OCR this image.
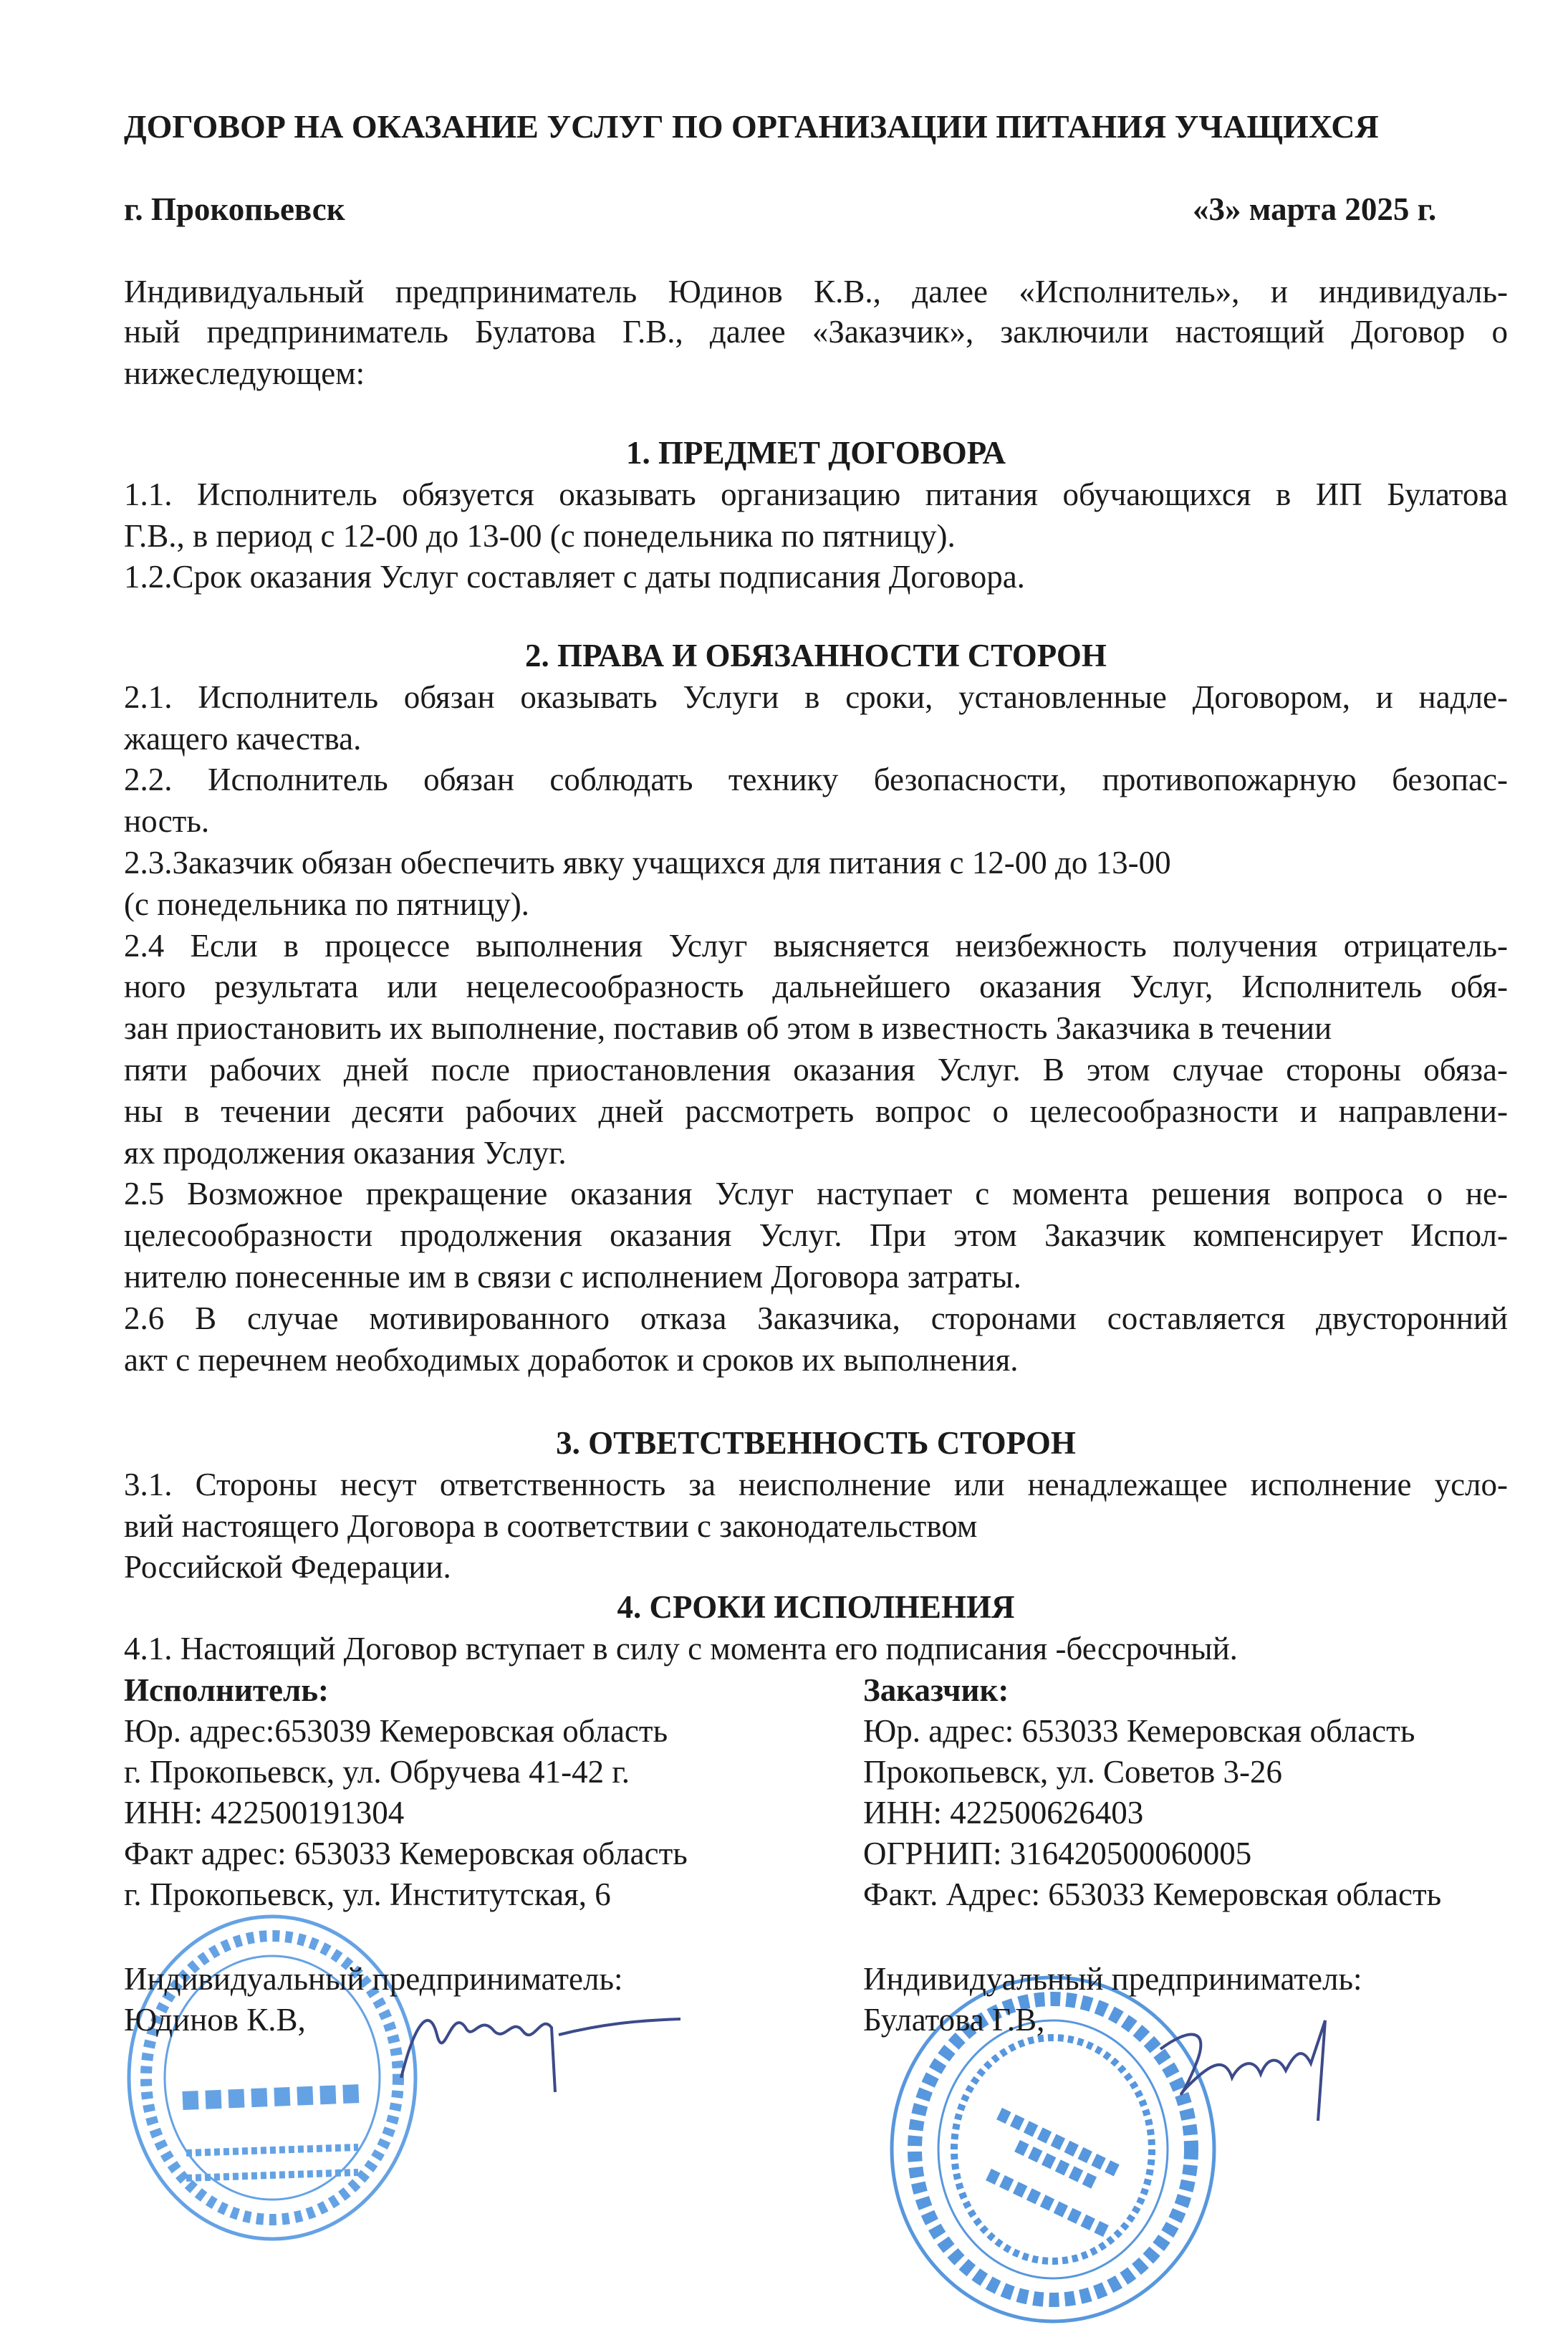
ДОГОВОР НА ОКАЗАНИЕ УСЛУГ ПО ОРГАНИЗАЦИИ ПИТАНИЯ УЧАЩИХСЯ
г. Прокопьевск	«3» марта 2025 г.
Индивидуальный предприниматель Юдинов К.В., далее «Исполнитель», и индивидуаль-
ный предприниматель Булатова Г.В., далее «Заказчик», заключили настоящий Договор о
нижеследующем:
1. ПРЕДМЕТ ДОГОВОРА
1.1. Исполнитель обязуется оказывать организацию питания обучающихся в ИП Булатова
Г.В., в период с 12-00 до 13-00 (с понедельника по пятницу).
1.2.Срок оказания Услуг составляет с даты подписания Договора.
2. ПРАВА И ОБЯЗАННОСТИ СТОРОН
2.1. Исполнитель обязан оказывать Услуги в сроки, установленные Договором, и надле-
жащего качества.
2.2. Исполнитель обязан соблюдать технику безопасности, противопожарную безопас-
ность.
2.3.Заказчик обязан обеспечить явку учащихся для питания с 12-00 до 13-00
(с понедельника по пятницу).
2.4 Если в процессе выполнения Услуг выясняется неизбежность получения отрицатель-
ного результата или нецелесообразность дальнейшего оказания Услуг, Исполнитель обя-
зан приостановить их выполнение, поставив об этом в известность Заказчика в течении
пяти рабочих дней после приостановления оказания Услуг. В этом случае стороны обяза-
ны в течении десяти рабочих дней рассмотреть вопрос о целесообразности и направлени-
ях продолжения оказания Услуг.
2.5 Возможное прекращение оказания Услуг наступает с момента решения вопроса о не-
целесообразности продолжения оказания Услуг. При этом Заказчик компенсирует Испол-
нителю понесенные им в связи с исполнением Договора затраты.
2.6 В случае мотивированного отказа Заказчика, сторонами составляется двусторонний
акт с перечнем необходимых доработок и сроков их выполнения.
3. ОТВЕТСТВЕННОСТЬ СТОРОН
3.1. Стороны несут ответственность за неисполнение или ненадлежащее исполнение усло-
вий настоящего Договора в соответствии с законодательством
Российской Федерации.
4. СРОКИ ИСПОЛНЕНИЯ
4.1. Настоящий Договор вступает в силу с момента его подписания -бессрочный.
Исполнитель:
Юр. адрес:653039 Кемеровская область
г. Прокопьевск, ул. Обручева 41-42 г.
ИНН: 422500191304
Факт адрес: 653033 Кемеровская область
г. Прокопьевск, ул. Институтская, 6
Заказчик:
Юр. адрес: 653033 Кемеровская область
Прокопьевск, ул. Советов 3-26
ИНН: 422500626403
ОГРНИП: 316420500060005
Факт. Адрес: 653033 Кемеровская область
Индивидуальный предприниматель:
Юдинов К.В,
Индивидуальный предприниматель:
Булатова Г.В,
